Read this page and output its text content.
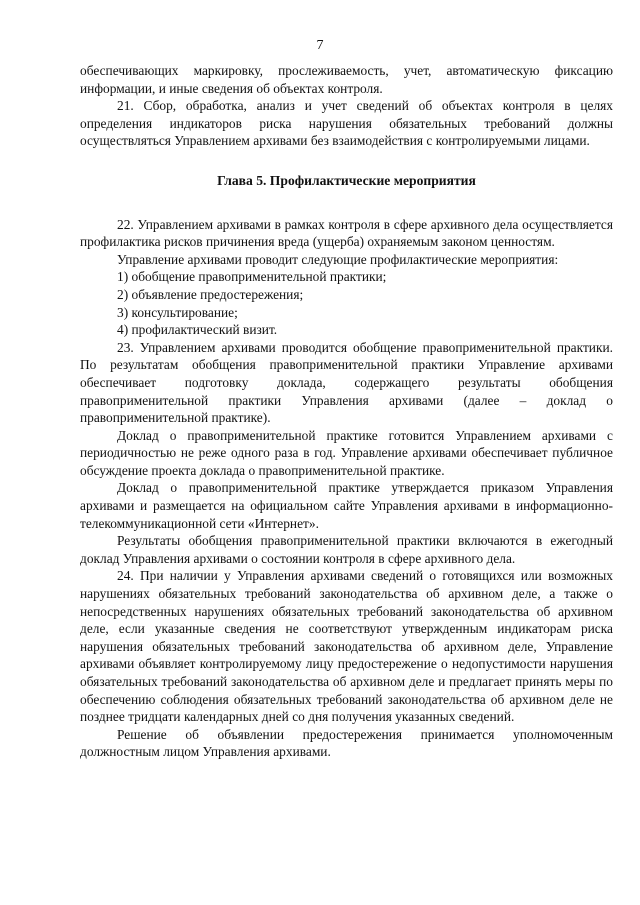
7

обеспечивающих маркировку, прослеживаемость, учет, автоматическую фиксацию информации, и иные сведения об объектах контроля.

21. Сбор, обработка, анализ и учет сведений об объектах контроля в целях определения индикаторов риска нарушения обязательных требований должны осуществляться Управлением архивами без взаимодействия с контролируемыми лицами.

Глава 5. Профилактические мероприятия

22. Управлением архивами в рамках контроля в сфере архивного дела осуществляется профилактика рисков причинения вреда (ущерба) охраняемым законом ценностям.

Управление архивами проводит следующие профилактические мероприятия:

1) обобщение правоприменительной практики;

2) объявление предостережения;

3) консультирование;

4) профилактический визит.

23. Управлением архивами проводится обобщение правоприменительной практики. По результатам обобщения правоприменительной практики Управление архивами обеспечивает подготовку доклада, содержащего результаты обобщения правоприменительной практики Управления архивами (далее – доклад о правоприменительной практике).

Доклад о правоприменительной практике готовится Управлением архивами с периодичностью не реже одного раза в год. Управление архивами обеспечивает публичное обсуждение проекта доклада о правоприменительной практике.

Доклад о правоприменительной практике утверждается приказом Управления архивами и размещается на официальном сайте Управления архивами в информационно-телекоммуникационной сети «Интернет».

Результаты обобщения правоприменительной практики включаются в ежегодный доклад Управления архивами о состоянии контроля в сфере архивного дела.

24. При наличии у Управления архивами сведений о готовящихся или возможных нарушениях обязательных требований законодательства об архивном деле, а также о непосредственных нарушениях обязательных требований законодательства об архивном деле, если указанные сведения не соответствуют утвержденным индикаторам риска нарушения обязательных требований законодательства об архивном деле, Управление архивами объявляет контролируемому лицу предостережение о недопустимости нарушения обязательных требований законодательства об архивном деле и предлагает принять меры по обеспечению соблюдения обязательных требований законодательства об архивном деле не позднее тридцати календарных дней со дня получения указанных сведений.

Решение об объявлении предостережения принимается уполномоченным должностным лицом Управления архивами.
